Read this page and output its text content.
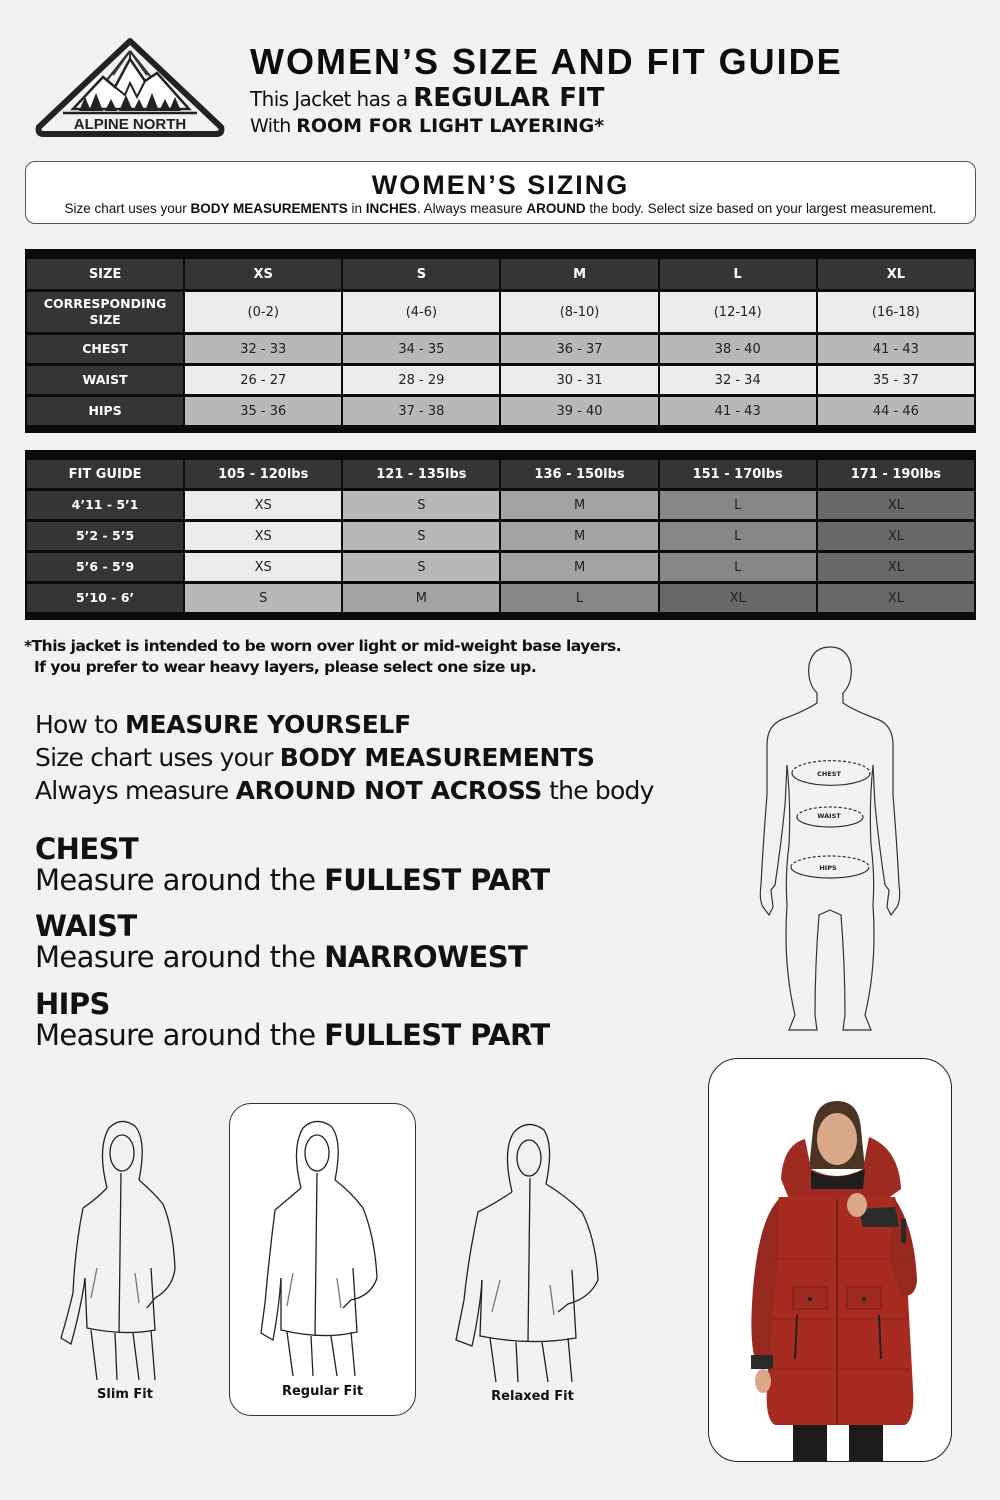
ALPINE NORTH
WOMEN’S SIZE AND FIT GUIDE
This Jacket has a REGULAR FIT
With ROOM FOR LIGHT LAYERING*
WOMEN’S SIZING
Size chart uses your BODY MEASUREMENTS in INCHES. Always measure AROUND the body. Select size based on your largest measurement.
SIZE	XS	S	M	L	XL
CORRESPONDING SIZE	(0-2)	(4-6)	(8-10)	(12-14)	(16-18)
CHEST	32 - 33	34 - 35	36 - 37	38 - 40	41 - 43
WAIST	26 - 27	28 - 29	30 - 31	32 - 34	35 - 37
HIPS	35 - 36	37 - 38	39 - 40	41 - 43	44 - 46
FIT GUIDE	105 - 120lbs	121 - 135lbs	136 - 150lbs	151 - 170lbs	171 - 190lbs
4’11 - 5’1	XS	S	M	L	XL
5’2 - 5’5	XS	S	M	L	XL
5’6 - 5’9	XS	S	M	L	XL
5’10 - 6’	S	M	L	XL	XL
*This jacket is intended to be worn over light or mid-weight base layers.
If you prefer to wear heavy layers, please select one size up.
How to MEASURE YOURSELF
Size chart uses your BODY MEASUREMENTS
Always measure AROUND NOT ACROSS the body
CHEST
Measure around the FULLEST PART
WAIST
Measure around the NARROWEST
HIPS
Measure around the FULLEST PART
CHEST
WAIST
HIPS
Slim Fit	Regular Fit	Relaxed Fit
